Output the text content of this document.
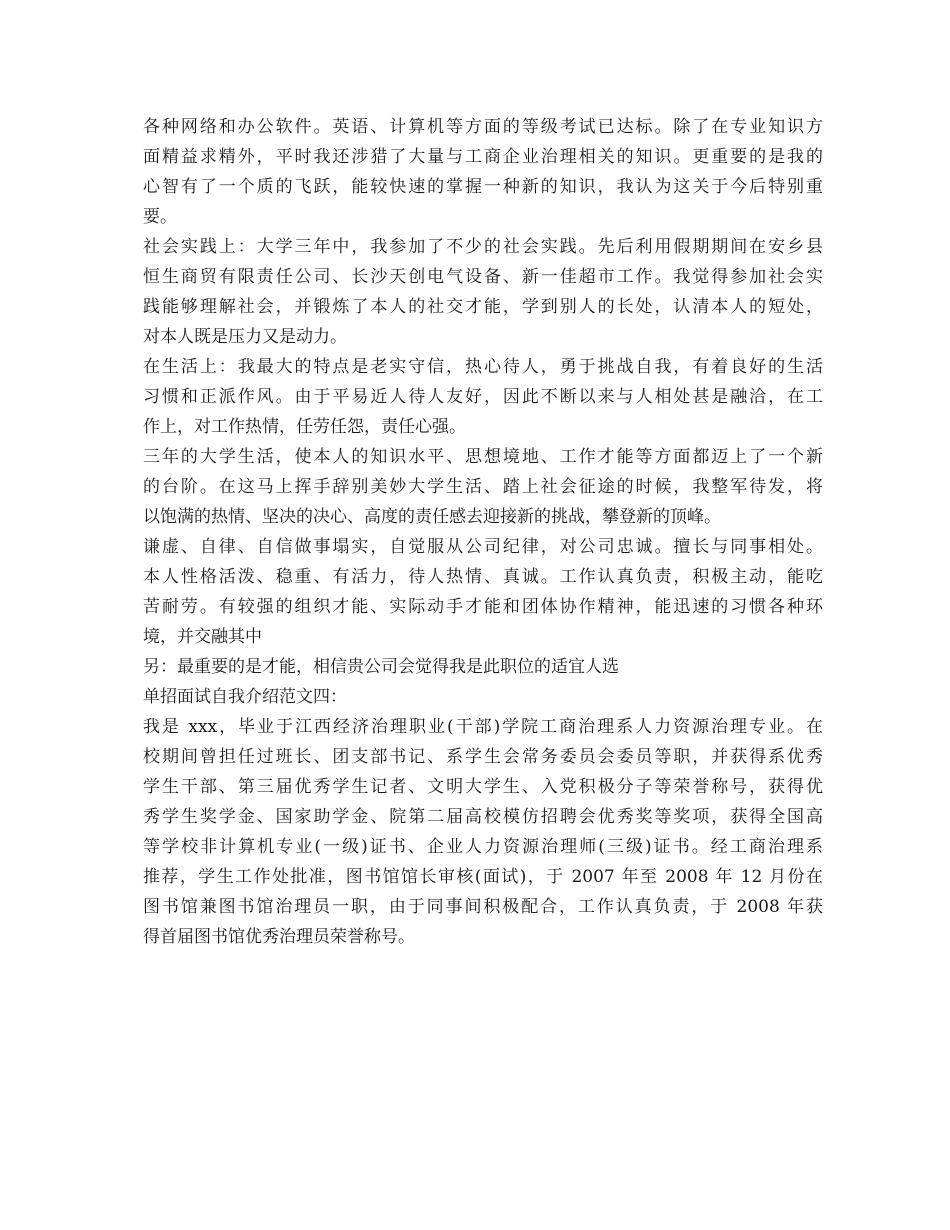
各种网络和办公软件。英语、计算机等方面的等级考试已达标。除了在专业知识方
面精益求精外，平时我还涉猎了大量与工商企业治理相关的知识。更重要的是我的
心智有了一个质的飞跃，能较快速的掌握一种新的知识，我认为这关于今后特别重
要。
社会实践上：大学三年中，我参加了不少的社会实践。先后利用假期期间在安乡县
恒生商贸有限责任公司、长沙天创电气设备、新一佳超市工作。我觉得参加社会实
践能够理解社会，并锻炼了本人的社交才能，学到别人的长处，认清本人的短处，
对本人既是压力又是动力。
在生活上：我最大的特点是老实守信，热心待人，勇于挑战自我，有着良好的生活
习惯和正派作风。由于平易近人待人友好，因此不断以来与人相处甚是融洽，在工
作上，对工作热情，任劳任怨，责任心强。
三年的大学生活，使本人的知识水平、思想境地、工作才能等方面都迈上了一个新
的台阶。在这马上挥手辞别美妙大学生活、踏上社会征途的时候，我整军待发，将
以饱满的热情、坚决的决心、高度的责任感去迎接新的挑战，攀登新的顶峰。
谦虚、自律、自信做事塌实，自觉服从公司纪律，对公司忠诚。擅长与同事相处。
本人性格活泼、稳重、有活力，待人热情、真诚。工作认真负责，积极主动，能吃
苦耐劳。有较强的组织才能、实际动手才能和团体协作精神，能迅速的习惯各种环
境，并交融其中
另：最重要的是才能，相信贵公司会觉得我是此职位的适宜人选
单招面试自我介绍范文四：
我是 xxx，毕业于江西经济治理职业(干部)学院工商治理系人力资源治理专业。在
校期间曾担任过班长、团支部书记、系学生会常务委员会委员等职，并获得系优秀
学生干部、第三届优秀学生记者、文明大学生、入党积极分子等荣誉称号，获得优
秀学生奖学金、国家助学金、院第二届高校模仿招聘会优秀奖等奖项，获得全国高
等学校非计算机专业(一级)证书、企业人力资源治理师(三级)证书。经工商治理系
推荐，学生工作处批准，图书馆馆长审核(面试)，于 2007 年至 2008 年 12 月份在
图书馆兼图书馆治理员一职，由于同事间积极配合，工作认真负责，于 2008 年获
得首届图书馆优秀治理员荣誉称号。
